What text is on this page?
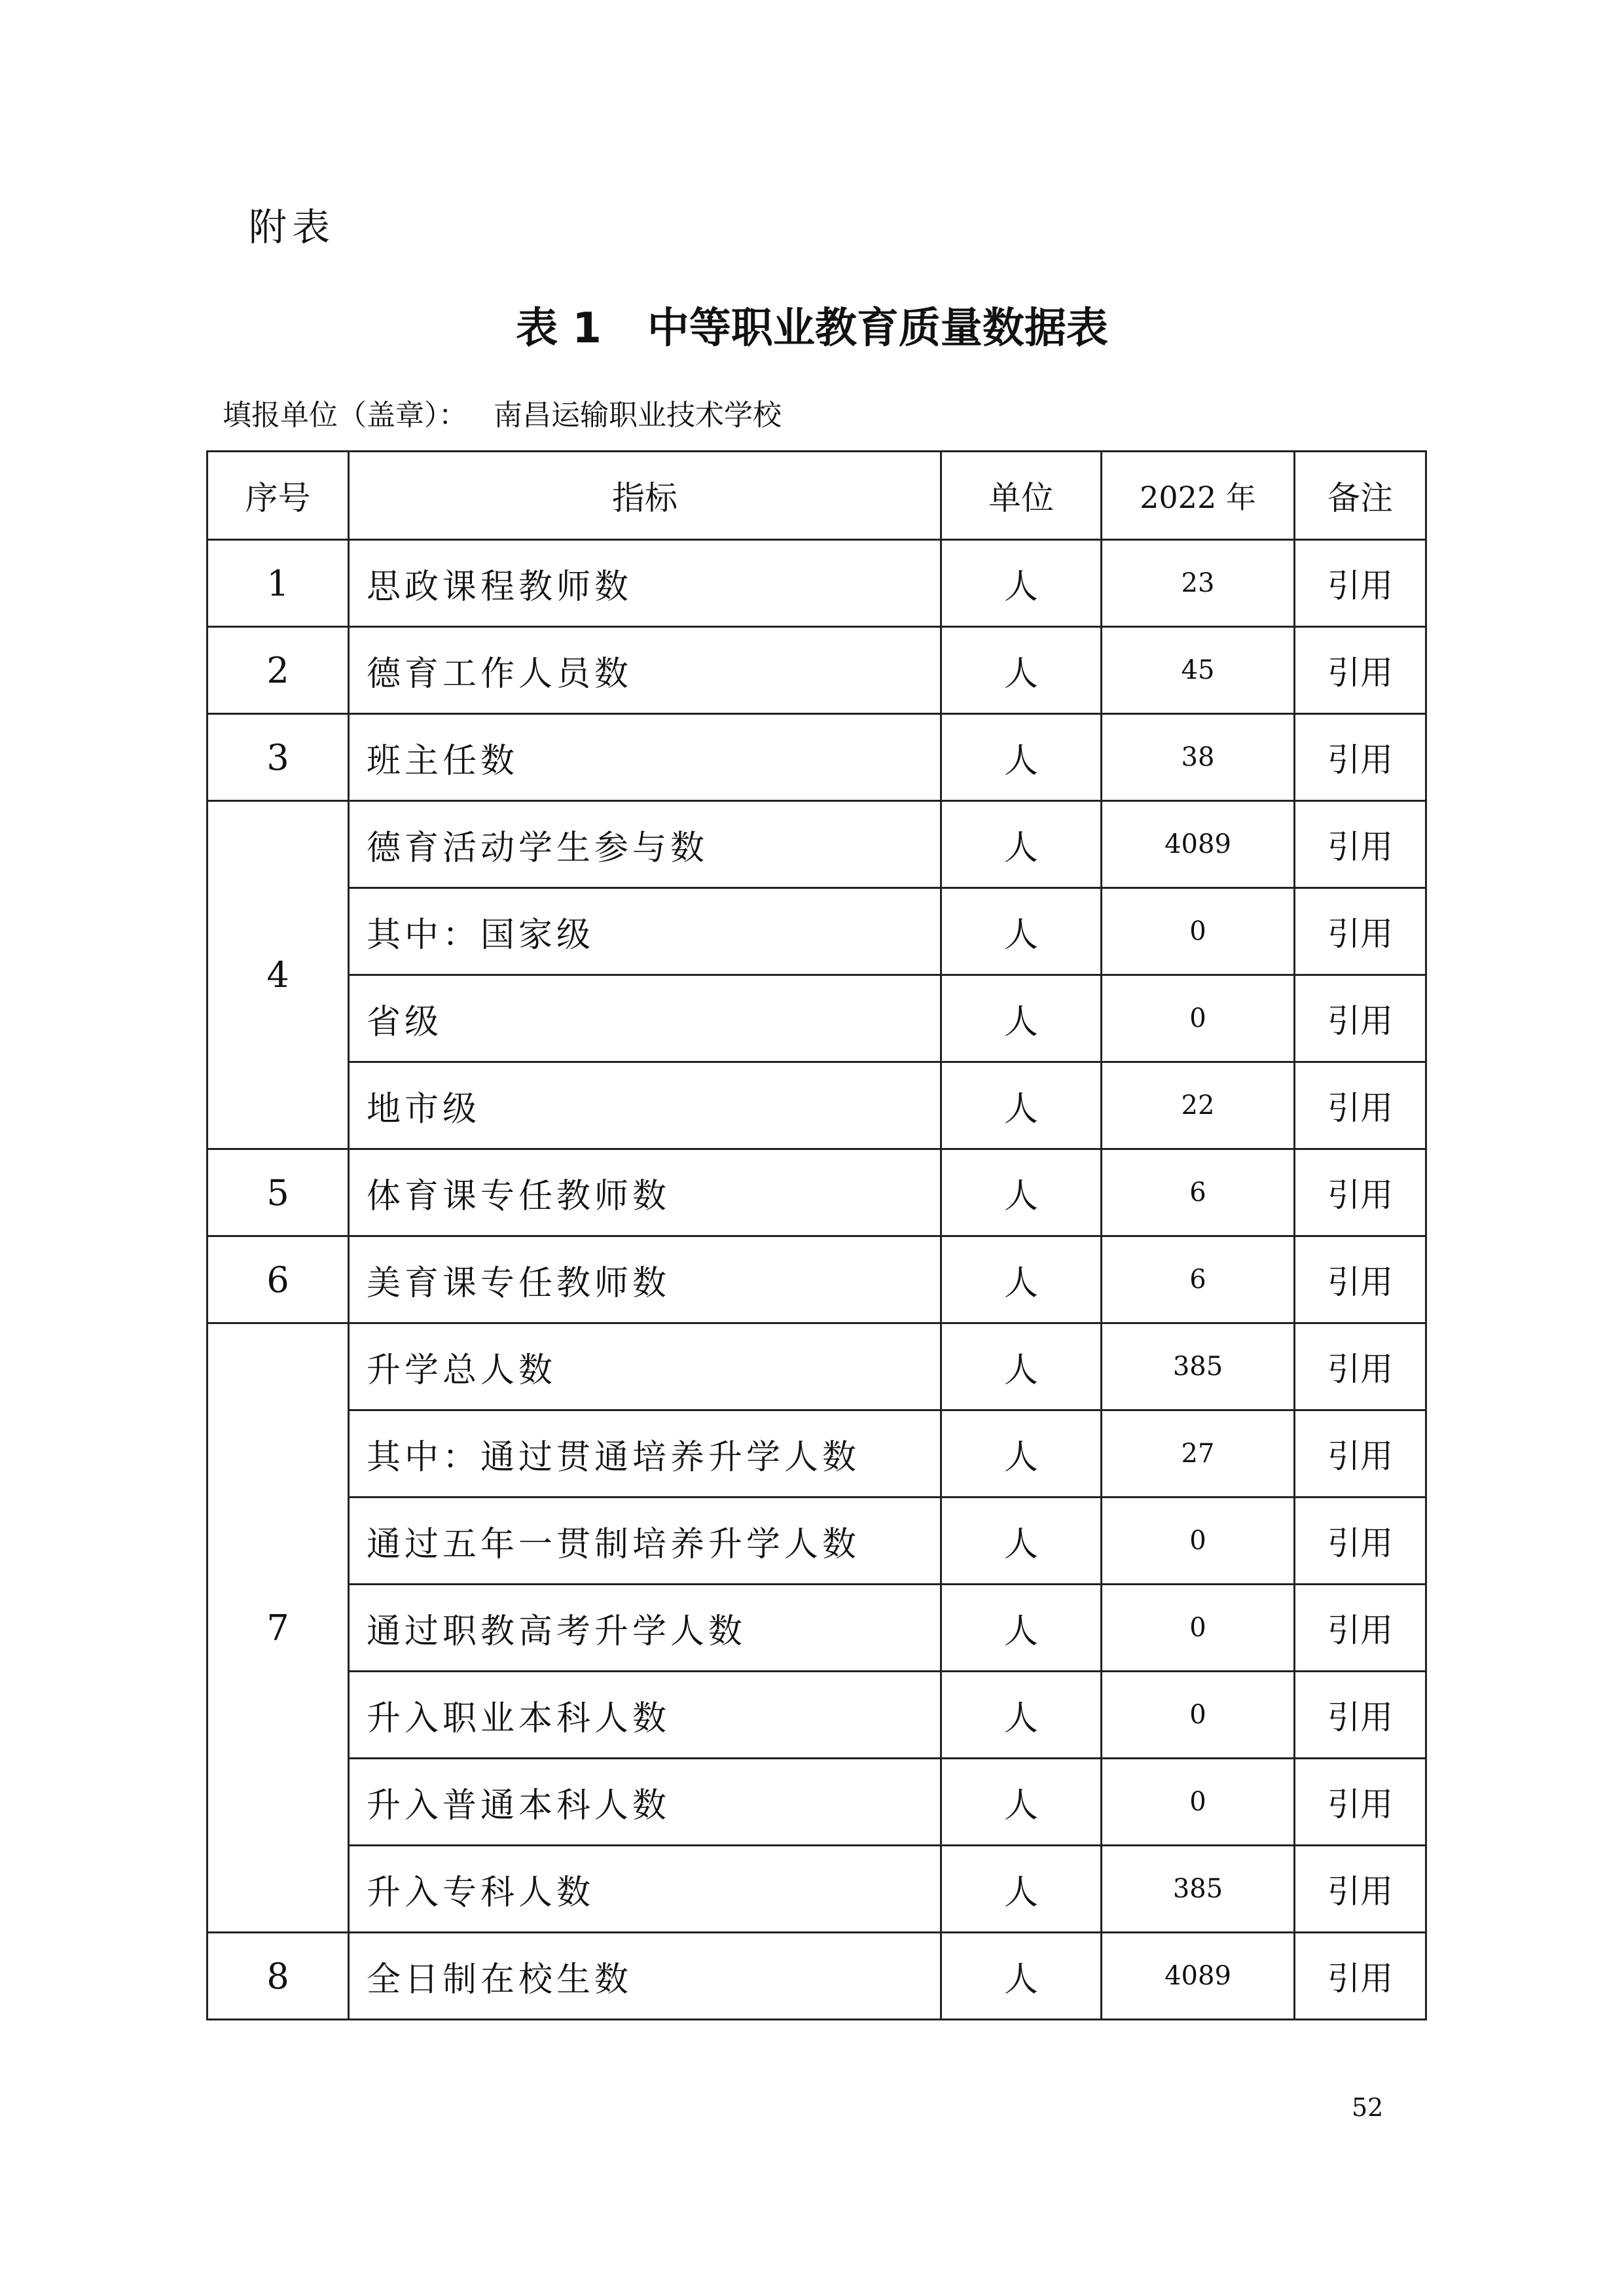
附表
表 1 中等职业教育质量数据表
填报单位（盖章）： 南昌运输职业技术学校
序号	指标	单位	2022 年	备注
1	思政课程教师数	人	23	引用
2	德育工作人员数	人	45	引用
3	班主任数	人	38	引用
4	德育活动学生参与数	人	4089	引用
	其中：国家级	人	0	引用
	省级	人	0	引用
	地市级	人	22	引用
5	体育课专任教师数	人	6	引用
6	美育课专任教师数	人	6	引用
7	升学总人数	人	385	引用
	其中：通过贯通培养升学人数	人	27	引用
	通过五年一贯制培养升学人数	人	0	引用
	通过职教高考升学人数	人	0	引用
	升入职业本科人数	人	0	引用
	升入普通本科人数	人	0	引用
	升入专科人数	人	385	引用
8	全日制在校生数	人	4089	引用
52
